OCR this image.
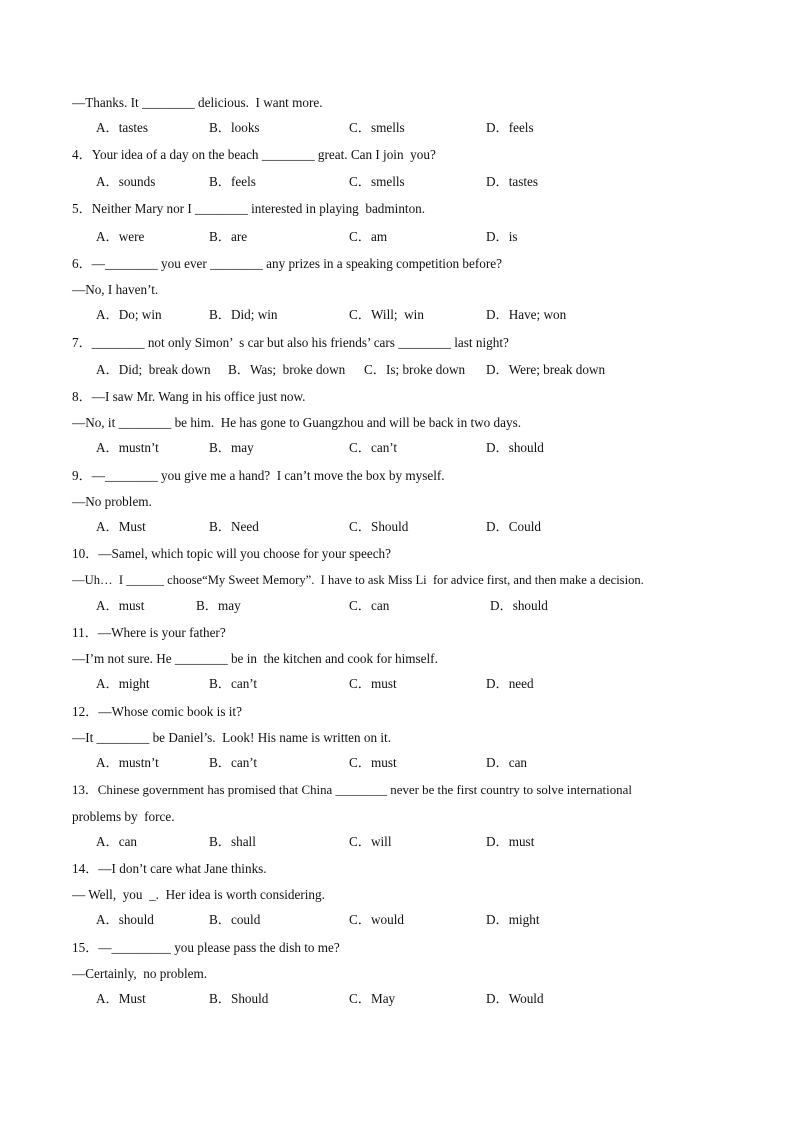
—Thanks. It ________ delicious.  I want more.
A．tastes	B．looks	C．smells	D．feels
4．Your idea of a day on the beach ________ great. Can I join  you?
A．sounds	B．feels	C．smells	D．tastes
5．Neither Mary nor I ________ interested in playing  badminton.
A．were	B．are	C．am	D．is
6．—________ you ever ________ any prizes in a speaking competition before?
—No, I haven’t.
A．Do; win	B．Did; win	C．Will;  win	D．Have; won
7．________ not only Simon’  s car but also his friends’ cars ________ last night?
A．Did;  break down B．Was;  broke down C．Is; broke down D．Were; break down
8．—I saw Mr. Wang in his office just now.
—No, it ________ be him.  He has gone to Guangzhou and will be back in two days.
A．mustn’t	B．may	C．can’t	D．should
9．—________ you give me a hand?  I can’t move the box by myself.
—No problem.
A．Must	B．Need	C．Should	D．Could
10．—Samel, which topic will you choose for your speech?
—Uh…  I ______ choose“My Sweet Memory”.  I have to ask Miss Li  for advice first, and then make a decision.
A．must	B．may	C．can	D．should
11．—Where is your father?
—I’m not sure. He ________ be in  the kitchen and cook for himself.
A．might	B．can’t	C．must	D．need
12．—Whose comic book is it?
—It ________ be Daniel’s.  Look! His name is written on it.
A．mustn’t	B．can’t	C．must	D．can
13．Chinese government has promised that China ________ never be the first country to solve international
problems by  force.
A．can	B．shall	C．will	D．must
14．—I don’t care what Jane thinks.
— Well,  you  _.  Her idea is worth considering.
A．should	B．could	C．would	D．might
15．—_________ you please pass the dish to me?
—Certainly,  no problem.
A．Must	B．Should	C．May	D．Would
